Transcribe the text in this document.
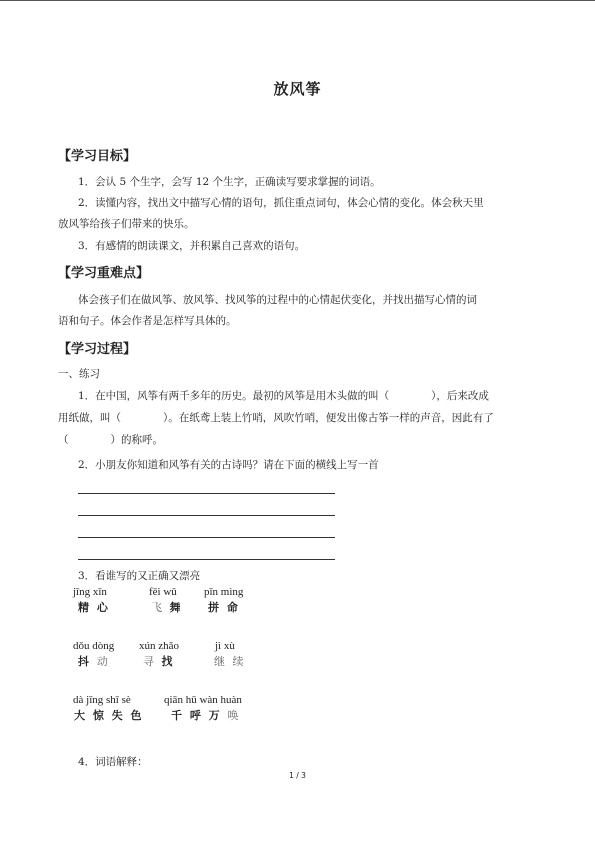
放风筝
【学习目标】
1．会认 5 个生字，会写 12 个生字，正确读写要求掌握的词语。
2．读懂内容，找出文中描写心情的语句，抓住重点词句，体会心情的变化。体会秋天里
放风筝给孩子们带来的快乐。
3．有感情的朗读课文，并积累自己喜欢的语句。
【学习重难点】
体会孩子们在做风筝、放风筝、找风筝的过程中的心情起伏变化，并找出描写心情的词
语和句子。体会作者是怎样写具体的。
【学习过程】
一、练习
1．在中国，风筝有两千多年的历史。最初的风筝是用木头做的叫（　　　　），后来改成
用纸做，叫（　　　　）。在纸鸢上装上竹哨，风吹竹哨，便发出像古筝一样的声音，因此有了
（　　　　）的称呼。
2．小朋友你知道和风筝有关的古诗吗？请在下面的横线上写一首
3．看谁写的又正确又漂亮
jīng xīn
精 心
fēi wǔ
飞 舞
pīn mìng
拼 命
dǒu dòng
抖 动
xún zhǎo
寻 找
jì xù
继 续
dà jīng shī sè
大 惊 失 色
qiān hū wàn huàn
千 呼 万 唤
4．词语解释：
1 / 3
